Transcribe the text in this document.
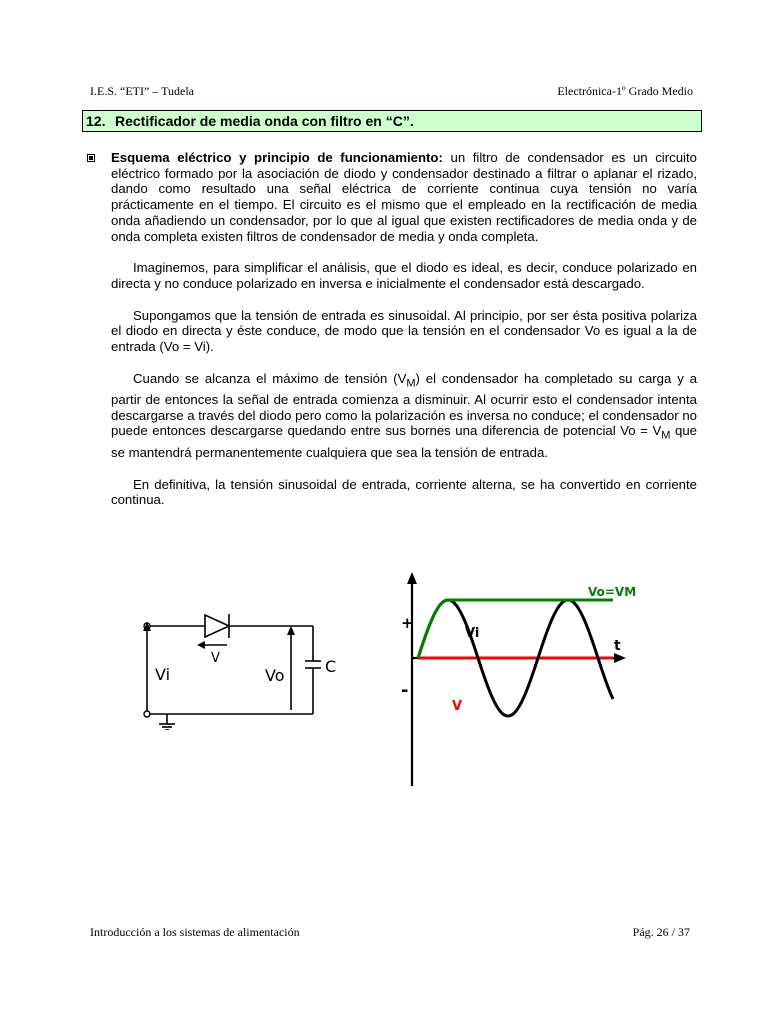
I.E.S. “ETI” – Tudela	Electrónica-1º Grado Medio
12. Rectificador de media onda con filtro en “C”.

Esquema eléctrico y principio de funcionamiento: un filtro de condensador es un circuito eléctrico formado por la asociación de diodo y condensador destinado a filtrar o aplanar el rizado, dando como resultado una señal eléctrica de corriente continua cuya tensión no varía prácticamente en el tiempo. El circuito es el mismo que el empleado en la rectificación de media onda añadiendo un condensador, por lo que al igual que existen rectificadores de media onda y de onda completa existen filtros de condensador de media y onda completa.

Imaginemos, para simplificar el análisis, que el diodo es ideal, es decir, conduce polarizado en directa y no conduce polarizado en inversa e inicialmente el condensador está descargado.

Supongamos que la tensión de entrada es sinusoidal. Al principio, por ser ésta positiva polariza el diodo en directa y éste conduce, de modo que la tensión en el condensador Vo es igual a la de entrada (Vo = Vi).

Cuando se alcanza el máximo de tensión $(V_M)$ el condensador ha completado su carga y a partir de entonces la señal de entrada comienza a disminuir. Al ocurrir esto el condensador intenta descargarse a través del diodo pero como la polarización es inversa no conduce; el condensador no puede entonces descargarse quedando entre sus bornes una diferencia de potencial $Vo = V_M$ que se mantendrá permanentemente cualquiera que sea la tensión de entrada.

En definitiva, la tensión sinusoidal de entrada, corriente alterna, se ha convertido en corriente continua.

Vi
V
Vo	C
+
-
t
Vi
V
Vo=VM
Introducción a los sistemas de alimentación	Pág. 26 / 37
